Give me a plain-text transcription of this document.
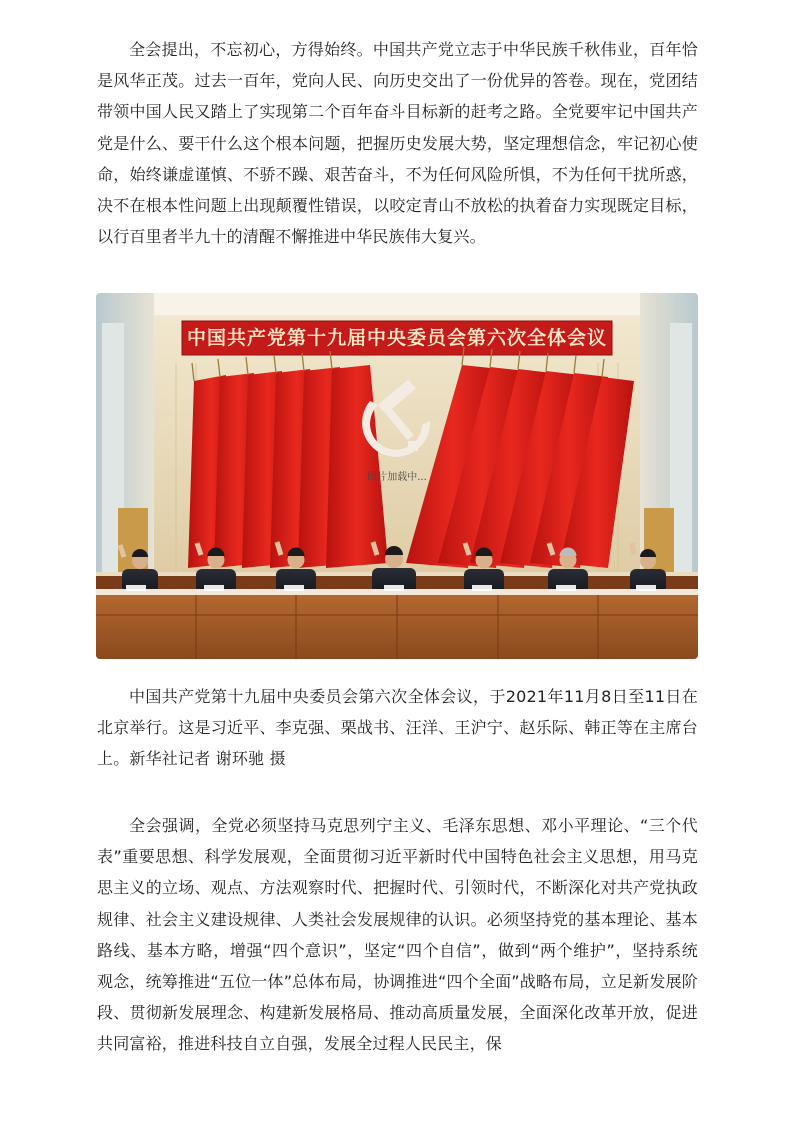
全会提出，不忘初心，方得始终。中国共产党立志于中华民族千秋伟业，百年恰是风华正茂。过去一百年，党向人民、向历史交出了一份优异的答卷。现在，党团结带领中国人民又踏上了实现第二个百年奋斗目标新的赶考之路。全党要牢记中国共产党是什么、要干什么这个根本问题，把握历史发展大势，坚定理想信念，牢记初心使命，始终谦虚谨慎、不骄不躁、艰苦奋斗，不为任何风险所惧，不为任何干扰所惑，决不在根本性问题上出现颠覆性错误，以咬定青山不放松的执着奋力实现既定目标，以行百里者半九十的清醒不懈推进中华民族伟大复兴。

中国共产党第十九届中央委员会第六次全体会议
图片加载中...

中国共产党第十九届中央委员会第六次全体会议，于2021年11月8日至11日在北京举行。这是习近平、李克强、栗战书、汪洋、王沪宁、赵乐际、韩正等在主席台上。新华社记者 谢环驰 摄

全会强调，全党必须坚持马克思列宁主义、毛泽东思想、邓小平理论、“三个代表”重要思想、科学发展观，全面贯彻习近平新时代中国特色社会主义思想，用马克思主义的立场、观点、方法观察时代、把握时代、引领时代，不断深化对共产党执政规律、社会主义建设规律、人类社会发展规律的认识。必须坚持党的基本理论、基本路线、基本方略，增强“四个意识”，坚定“四个自信”，做到“两个维护”，坚持系统观念，统筹推进“五位一体”总体布局，协调推进“四个全面”战略布局，立足新发展阶段、贯彻新发展理念、构建新发展格局、推动高质量发展，全面深化改革开放，促进共同富裕，推进科技自立自强，发展全过程人民民主，保
